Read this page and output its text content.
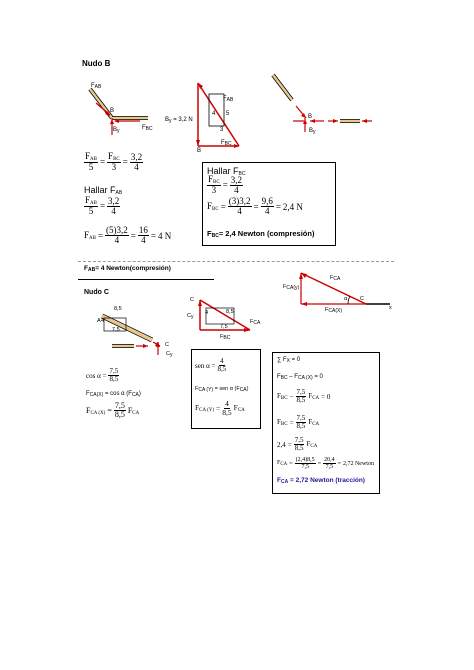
Nudo B
$F_{AB}$
B
$B_y$	$F_{BC}$
$F_{AB}$
$B_y = 3,2$ N
4 5
3
$F_{BC}$
B
B
$B_y$
$\frac{F_{AB}}{5} = \frac{F_{BC}}{3} = \frac{3,2}{4}$
Hallar $F_{AB}$
$\frac{F_{AB}}{5} = \frac{3,2}{4}$
$F_{AB} = \frac{(5)3,2}{4} = \frac{16}{4} = 4$ N
Hallar $F_{BC}$
$\frac{F_{BC}}{3} = \frac{3,2}{4}$
$F_{BC} = \frac{(3)3,2}{4} = \frac{9,6}{4} = 2,4$ N
$F_{BC}= 2,4$ Newton (compresión)
$F_{AB}= 4$ Newton(compresión)
Nudo C
FCA
FCA(y)
FCA(X)
α C
x
A
8,5
4
7,5
C
Cy
C
Cy
4	8,5
7,5
FCA
FBC
$\cos \alpha = \frac{7,5}{8,5}$
$F_{CA(X)} = \cos \alpha$ $(F_{CA})$
$F_{CA (X)} = \frac{7,5}{8,5} F_{CA}$
sen $\alpha = \frac{4}{8,5}$
FCA (Y) = sen α (FCA)
$F_{CA (Y)} = \frac{4}{8,5} F_{CA}$
∑ $F_X = 0$
$F_{BC} - F_{CA (X)} = 0$
$F_{BC} - \frac{7,5}{8,5} F_{CA} = 0$
$F_{BC} = \frac{7,5}{8,5} F_{CA}$
$2,4 = \frac{7,5}{8,5} F_{CA}$
$F_{CA} = \frac{(2,4)8,5}{7,5} = \frac{20,4}{7,5} = 2,72$ Newton
$F_{CA} = 2,72$ Newton (tracción)
